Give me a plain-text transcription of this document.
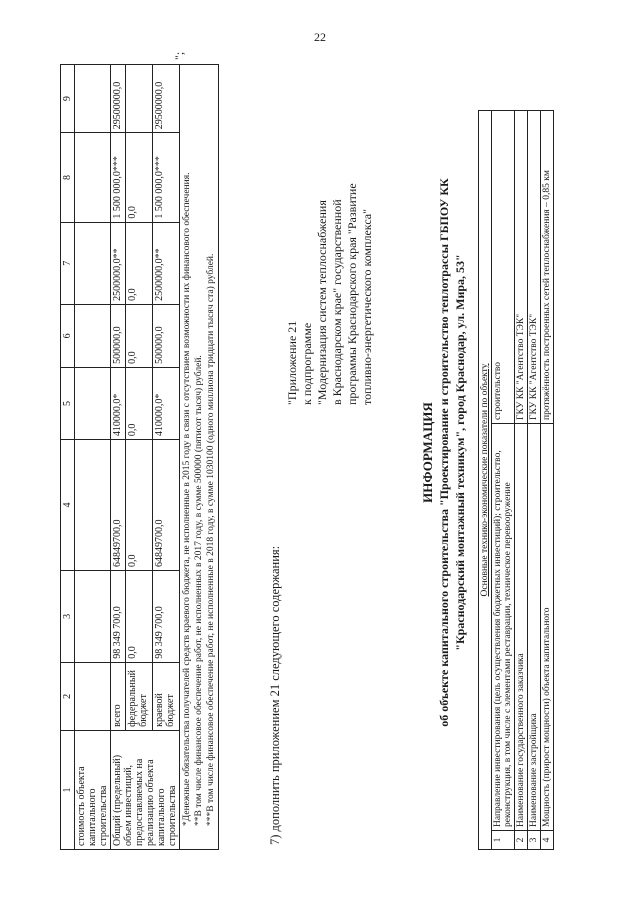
22
1	2	3	4	5	6	7	8	9
стоимость объекта капитального строительства								
Общий (предельный) объем инвестиций, предоставляемых на реализацию объекта капитального строительства	всего	98 349 700,0	64849700,0	410000,0*	500000,0	2500000,0**	1 500 000,0***	29500000,0
	федеральный бюджет	0,0	0,0	0,0	0,0	0,0	0,0	
	краевой бюджет	98 349 700,0	64849700,0	410000,0*	500000,0	2500000,0**	1 500 000,0***	29500000,0

*Денежные обязательства получателей средств краевого бюджета, не исполненные в 2015 году в связи с отсутствием возможности их финансового обеспечения. **В том числе финансовое обеспечение работ, не исполненных в 2017 году, в сумме 500000 (пятисот тысяч) рублей. ***В том числе финансовое обеспечение работ, не исполненные в 2018 году, в сумме 1030100 (одного миллиона тридцати тысяч ста) рублей.								
";
7) дополнить приложением 21 следующего содержания:
"Приложение 21 к подпрограмме "Модернизация систем теплоснабжения в Краснодарском крае" государственной программы Краснодарского края "Развитие топливно-энергетического комплекса"
ИНФОРМАЦИЯ об объекте капитального строительства "Проектирование и строительство теплотрассы ГБПОУ КК "Краснодарский монтажный техникум", город Краснодар, ул. Мира, 53" Основные технико-экономические показатели по объекту		
1	Направление инвестирования (цель осуществления бюджетных инвестиций); строительство, реконструкция, в том числе с элементами реставрации, техническое перевооружение	строительство
2	Наименование государственного заказчика	ГКУ КК "Агентство ТЭК"
3	Наименование застройщика	ГКУ КК "Агентство ТЭК"
4	Мощность (прирост мощности) объекта капитального	протяжённость построенных сетей теплоснабжения – 0,85 км
